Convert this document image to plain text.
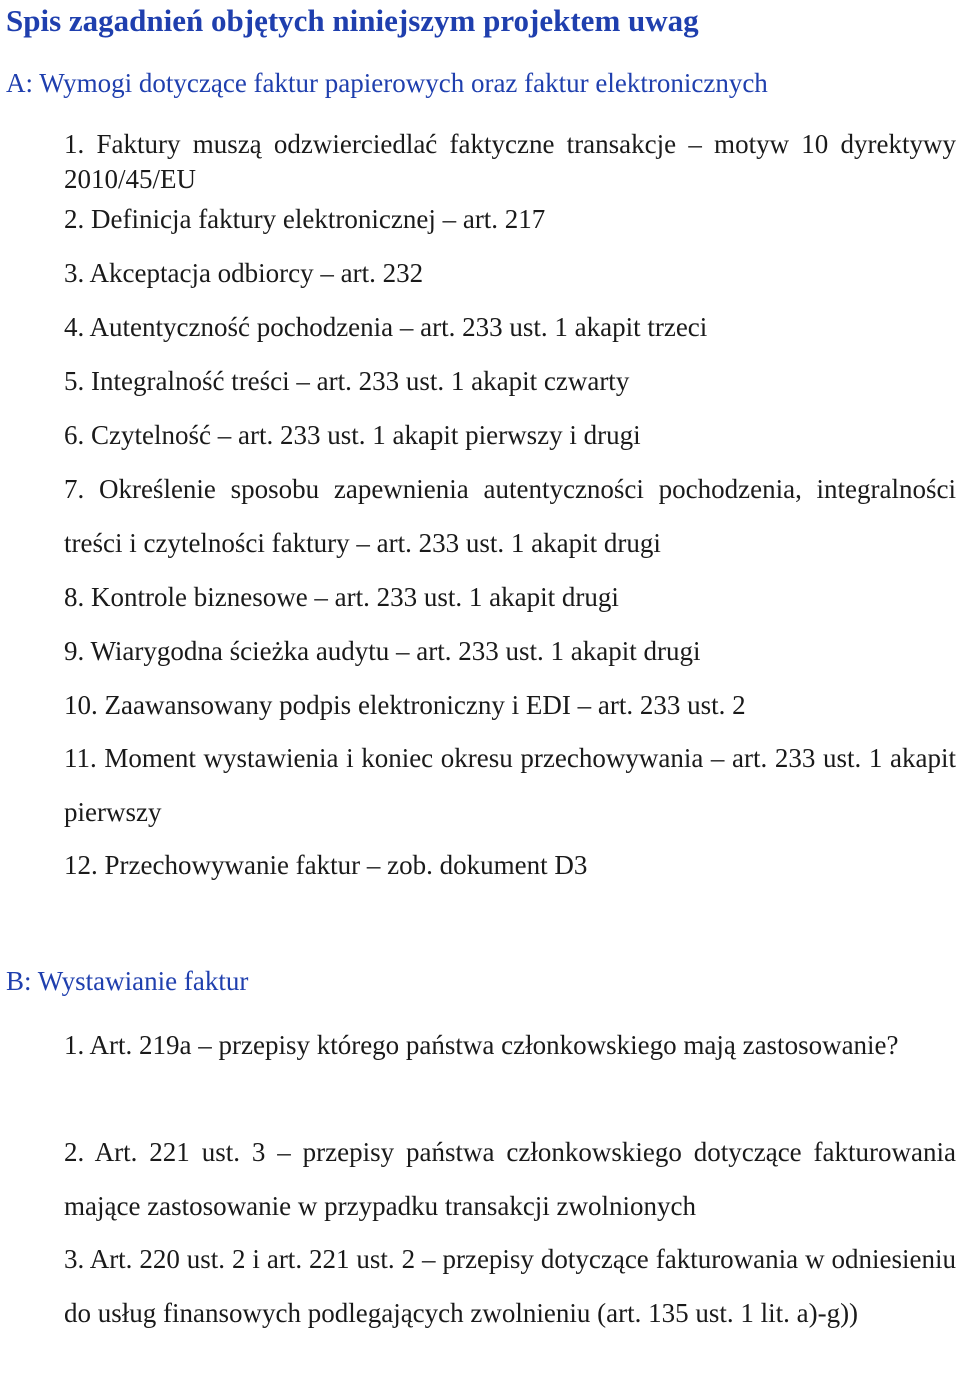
Spis zagadnień objętych niniejszym projektem uwag
A: Wymogi dotyczące faktur papierowych oraz faktur elektronicznych
1. Faktury muszą odzwierciedlać faktyczne transakcje – motyw 10 dyrektywy 2010/45/EU
2. Definicja faktury elektronicznej – art. 217
3. Akceptacja odbiorcy – art. 232
4. Autentyczność pochodzenia – art. 233 ust. 1 akapit trzeci
5. Integralność treści – art. 233 ust. 1 akapit czwarty
6. Czytelność – art. 233 ust. 1 akapit pierwszy i drugi
7. Określenie sposobu zapewnienia autentyczności pochodzenia, integralności treści i czytelności faktury – art. 233 ust. 1 akapit drugi
8. Kontrole biznesowe – art. 233 ust. 1 akapit drugi
9. Wiarygodna ścieżka audytu – art. 233 ust. 1 akapit drugi
10. Zaawansowany podpis elektroniczny i EDI – art. 233 ust. 2
11. Moment wystawienia i koniec okresu przechowywania – art. 233 ust. 1 akapit pierwszy
12. Przechowywanie faktur – zob. dokument D3
B: Wystawianie faktur
1. Art. 219a – przepisy którego państwa członkowskiego mają zastosowanie?
2. Art. 221 ust. 3 – przepisy państwa członkowskiego dotyczące fakturowania mające zastosowanie w przypadku transakcji zwolnionych
3. Art. 220 ust. 2 i art. 221 ust. 2 – przepisy dotyczące fakturowania w odniesieniu do usług finansowych podlegających zwolnieniu (art. 135 ust. 1 lit. a)-g))
